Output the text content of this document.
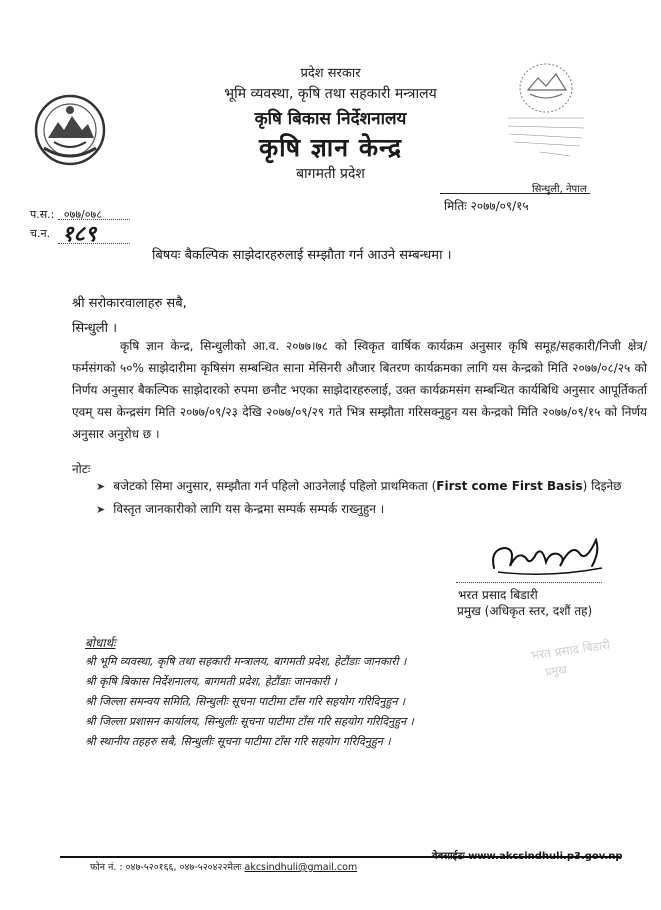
प्रदेश सरकार
भूमि व्यवस्था, कृषि तथा सहकारी मन्त्रालय
कृषि बिकास निर्देशनालय
कृषि ज्ञान केन्द्र
बागमती प्रदेश
सिन्धुली, नेपाल
मितिः २०७७/०९/१५
प.स.: ०७७/०७८
च.न. १८९
बिषयः बैकल्पिक साझेदारहरुलाई सम्झौता गर्न आउने सम्बन्धमा ।
श्री सरोकारवालाहरु सबै,
सिन्धुली ।

कृषि ज्ञान केन्द्र, सिन्धुलीको आ.व. २०७७।७८ को स्विकृत वार्षिक कार्यक्रम अनुसार कृषि समूह/सहकारी/निजी क्षेत्र/फर्मसंगको ५०% साझेदारीमा कृषिसंग सम्बन्धित साना मेसिनरी औजार बितरण कार्यक्रमका लागि यस केन्द्रको मिति २०७७/०८/२५ को निर्णय अनुसार बैकल्पिक साझेदारको रुपमा छनौट भएका साझेदारहरुलाई, उक्त कार्यक्रमसंग सम्बन्धित कार्यबिधि अनुसार आपूर्तिकर्ता एवम् यस केन्द्रसंग मिति २०७७/०९/२३ देखि २०७७/०९/२९ गते भित्र सम्झौता गरिसक्नुहुन यस केन्द्रको मिति २०७७/०९/१५ को निर्णय अनुसार अनुरोध छ ।

नोटः
➤ बजेटको सिमा अनुसार, सम्झौता गर्न पहिलो आउनेलाई पहिलो प्राथमिकता (First come First Basis) दिइनेछ
➤ विस्तृत जानकारीको लागि यस केन्द्रमा सम्पर्क सम्पर्क राख्नुहुन ।
भरत प्रसाद बिडारी
प्रमुख (अधिकृत स्तर, दशौं तह)
भरत प्रसाद बिडारी
प्रमुख
बोधार्थः
श्री भूमि व्यवस्था, कृषि तथा सहकारी मन्त्रालय, बागमती प्रदेश, हेटौंडाः जानकारी ।
श्री कृषि बिकास निर्देशनालय, बागमती प्रदेश, हेटौंडाः जानकारी ।
श्री जिल्ला समन्वय समिति, सिन्धुलीः सूचना पाटीमा टाँस गरि सहयोग गरिदिनुहुन ।
श्री जिल्ला प्रशासन कार्यालय, सिन्धुलीः सूचना पाटीमा टाँस गरि सहयोग गरिदिनुहुन ।
श्री स्थानीय तहहरु सबै, सिन्धुलीः सूचना पाटीमा टाँस गरि सहयोग गरिदिनुहुन ।
वेबसाईटः www.akcsindhuli.p3.gov.np
फोन नं. : ०४७-५२०१६६, ०४७-५२०४२२मेलः akcsindhuli@gmail.com
